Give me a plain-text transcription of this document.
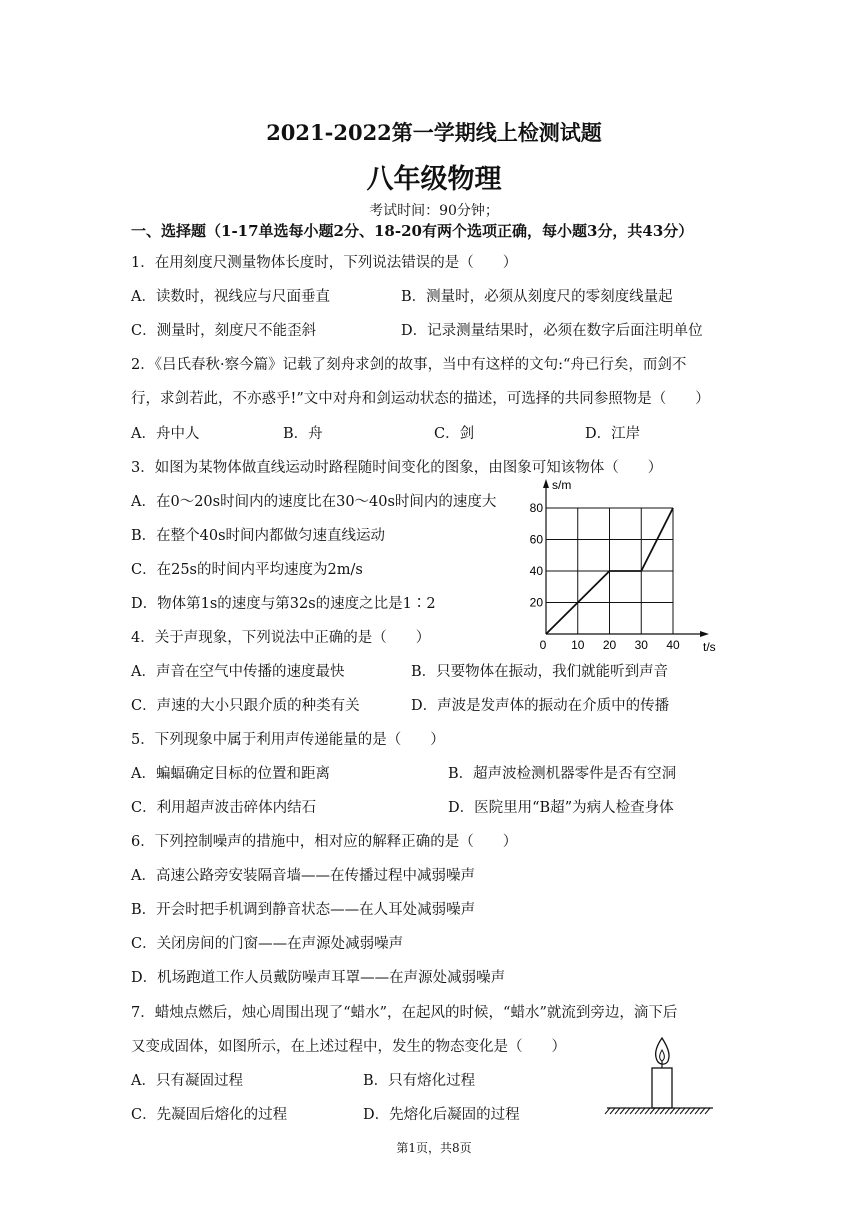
2021-2022第一学期线上检测试题
八年级物理
考试时间：90分钟；
一、选择题（1-17单选每小题2分、18-20有两个选项正确，每小题3分，共43分）
1．在用刻度尺测量物体长度时，下列说法错误的是（　　）
A．读数时，视线应与尺面垂直	B．测量时，必须从刻度尺的零刻度线量起
C．测量时，刻度尺不能歪斜	D．记录测量结果时，必须在数字后面注明单位
2．《吕氏春秋·察今篇》记载了刻舟求剑的故事，当中有这样的文句:“舟已行矣，而剑不
行，求剑若此，不亦惑乎!”文中对舟和剑运动状态的描述，可选择的共同参照物是（　　）
A．舟中人	B．舟	C．剑	D．江岸
3．如图为某物体做直线运动时路程随时间变化的图象，由图象可知该物体（　　）
A．在0～20s时间内的速度比在30～40s时间内的速度大
B．在整个40s时间内都做匀速直线运动
C．在25s的时间内平均速度为2m/s
D．物体第1s的速度与第32s的速度之比是1∶2
0 10 20 30 40
20
40
60
80
s/m
t/s
4．关于声现象，下列说法中正确的是（　　）
A．声音在空气中传播的速度最快	B．只要物体在振动，我们就能听到声音
C．声速的大小只跟介质的种类有关	D．声波是发声体的振动在介质中的传播
5．下列现象中属于利用声传递能量的是（　　）
A．蝙蝠确定目标的位置和距离	B．超声波检测机器零件是否有空洞
C．利用超声波击碎体内结石	D．医院里用“B超”为病人检查身体
6．下列控制噪声的措施中，相对应的解释正确的是（　　）
A．高速公路旁安装隔音墙——在传播过程中减弱噪声
B．开会时把手机调到静音状态——在人耳处减弱噪声
C．关闭房间的门窗——在声源处减弱噪声
D．机场跑道工作人员戴防噪声耳罩——在声源处减弱噪声
7．蜡烛点燃后，烛心周围出现了“蜡水”，在起风的时候，“蜡水”就流到旁边，滴下后
又变成固体，如图所示，在上述过程中，发生的物态变化是（　　）
A．只有凝固过程	B．只有熔化过程
C．先凝固后熔化的过程	D．先熔化后凝固的过程
第1页，共8页
